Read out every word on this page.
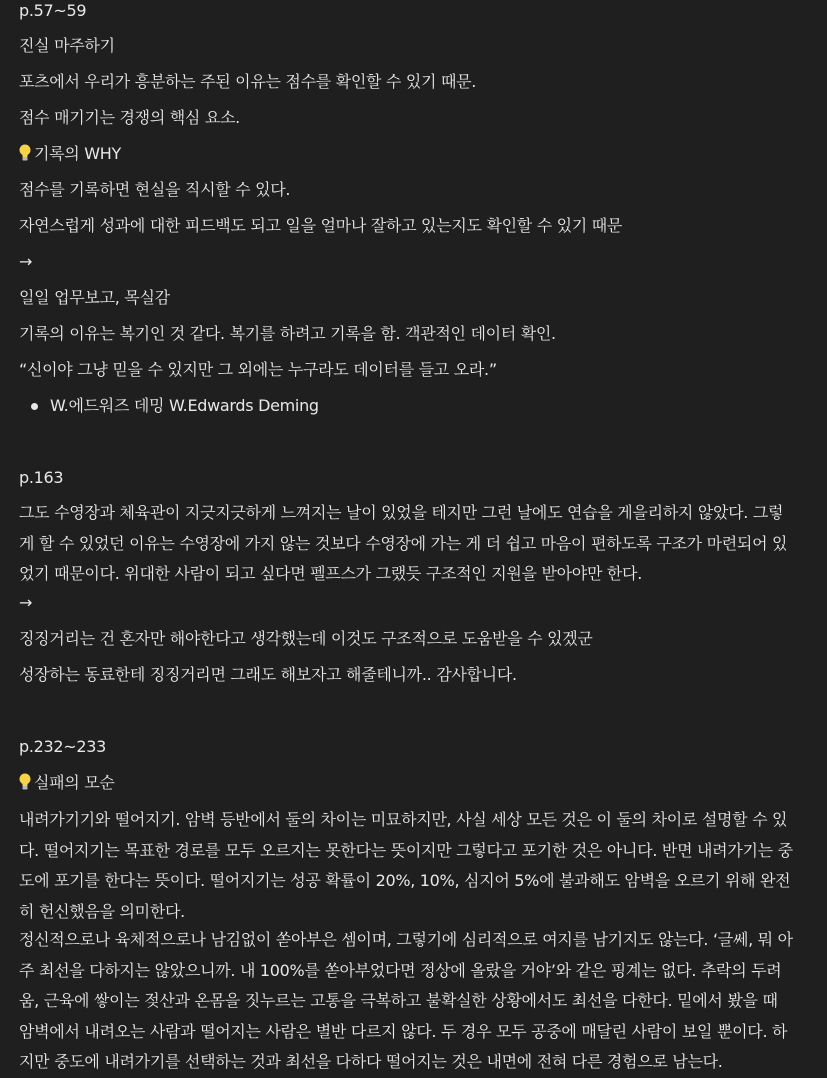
p.57~59
진실 마주하기
포츠에서 우리가 흥분하는 주된 이유는 점수를 확인할 수 있기 때문.
점수 매기기는 경쟁의 핵심 요소.
기록의 WHY
점수를 기록하면 현실을 직시할 수 있다.
자연스럽게 성과에 대한 피드백도 되고 일을 얼마나 잘하고 있는지도 확인할 수 있기 때문
→
일일 업무보고, 목실감
기록의 이유는 복기인 것 같다. 복기를 하려고 기록을 함. 객관적인 데이터 확인.
“신이야 그냥 믿을 수 있지만 그 외에는 누구라도 데이터를 들고 오라.”
W.에드워즈 데밍 W.Edwards Deming
p.163
그도 수영장과 체육관이 지긋지긋하게 느껴지는 날이 있었을 테지만 그런 날에도 연습을 게을리하지 않았다. 그렇
게 할 수 있었던 이유는 수영장에 가지 않는 것보다 수영장에 가는 게 더 쉽고 마음이 편하도록 구조가 마련되어 있
었기 때문이다. 위대한 사람이 되고 싶다면 펠프스가 그랬듯 구조적인 지원을 받아야만 한다.
→
징징거리는 건 혼자만 해야한다고 생각했는데 이것도 구조적으로 도움받을 수 있겠군
성장하는 동료한테 징징거리면 그래도 해보자고 해줄테니까.. 감사합니다.
p.232~233
실패의 모순
내려가기기와 떨어지기. 암벽 등반에서 둘의 차이는 미묘하지만, 사실 세상 모든 것은 이 둘의 차이로 설명할 수 있
다. 떨어지기는 목표한 경로를 모두 오르지는 못한다는 뜻이지만 그렇다고 포기한 것은 아니다. 반면 내려가기는 중
도에 포기를 한다는 뜻이다. 떨어지기는 성공 확률이 20%, 10%, 심지어 5%에 불과해도 암벽을 오르기 위해 완전
히 헌신했음을 의미한다.
정신적으로나 육체적으로나 남김없이 쏟아부은 셈이며, 그렇기에 심리적으로 여지를 남기지도 않는다. ‘글쎄, 뭐 아
주 최선을 다하지는 않았으니까. 내 100%를 쏟아부었다면 정상에 올랐을 거야’와 같은 핑계는 없다. 추락의 두려
움, 근육에 쌓이는 젖산과 온몸을 짓누르는 고통을 극복하고 불확실한 상황에서도 최선을 다한다. 밑에서 봤을 때
암벽에서 내려오는 사람과 떨어지는 사람은 별반 다르지 않다. 두 경우 모두 공중에 매달린 사람이 보일 뿐이다. 하
지만 중도에 내려가기를 선택하는 것과 최선을 다하다 떨어지는 것은 내면에 전혀 다른 경험으로 남는다.
